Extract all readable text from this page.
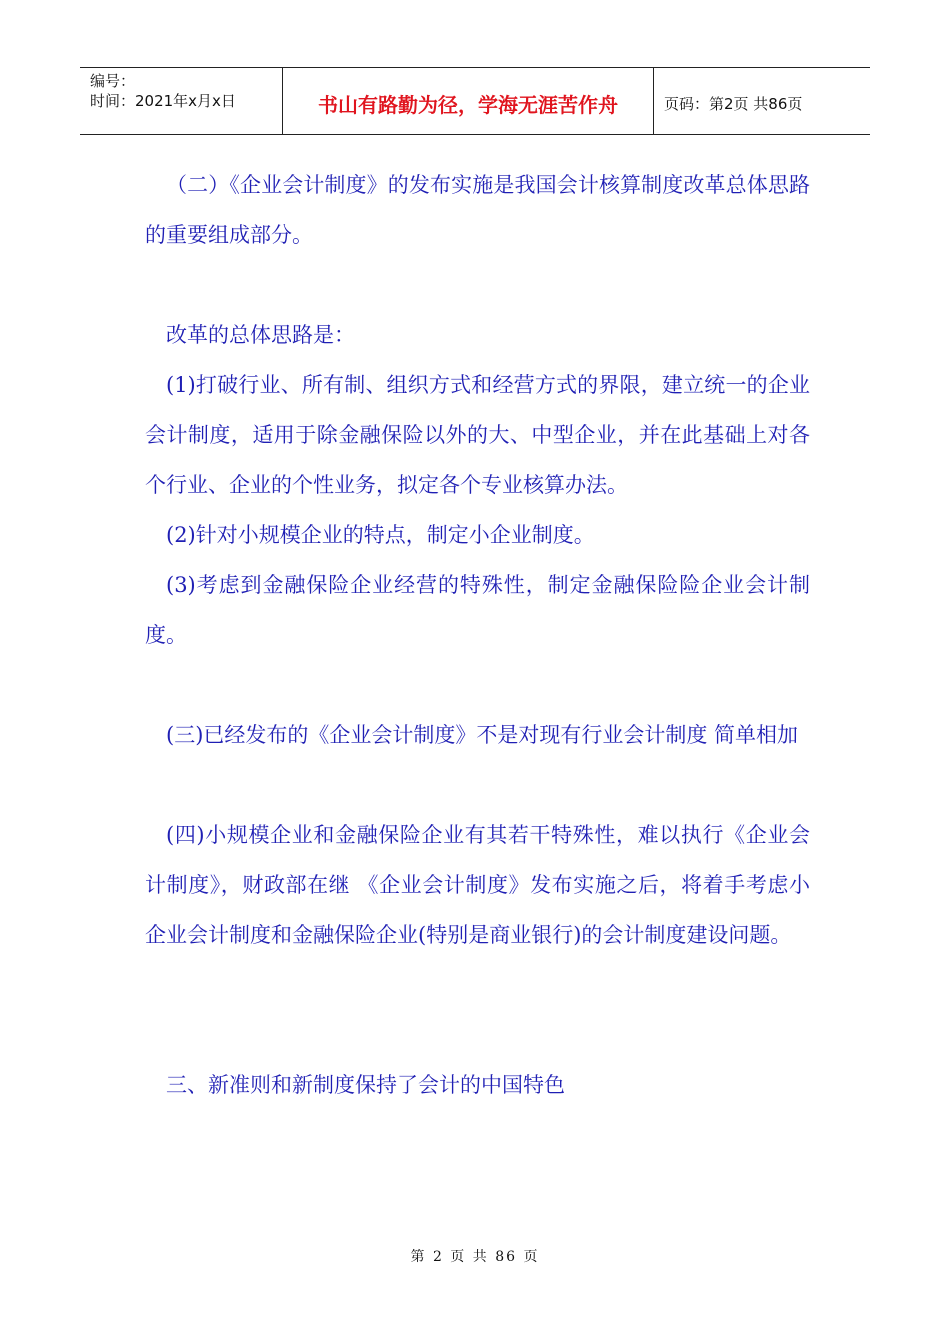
编号：
时间：2021年x月x日	书山有路勤为径，学海无涯苦作舟	页码：第2页 共86页

（二）《企业会计制度》的发布实施是我国会计核算制度改革总体思路的重要组成部分。

改革的总体思路是：

(1)打破行业、所有制、组织方式和经营方式的界限，建立统一的企业会计制度，适用于除金融保险以外的大、中型企业，并在此基础上对各个行业、企业的个性业务，拟定各个专业核算办法。

(2)针对小规模企业的特点，制定小企业制度。

(3)考虑到金融保险企业经营的特殊性，制定金融保险险企业会计制度。

(三)已经发布的《企业会计制度》不是对现有行业会计制度 简单相加

(四)小规模企业和金融保险企业有其若干特殊性，难以执行《企业会计制度》，财政部在继 《企业会计制度》发布实施之后，将着手考虑小企业会计制度和金融保险企业(特别是商业银行)的会计制度建设问题。

三、新准则和新制度保持了会计的中国特色

第 2 页 共 86 页
